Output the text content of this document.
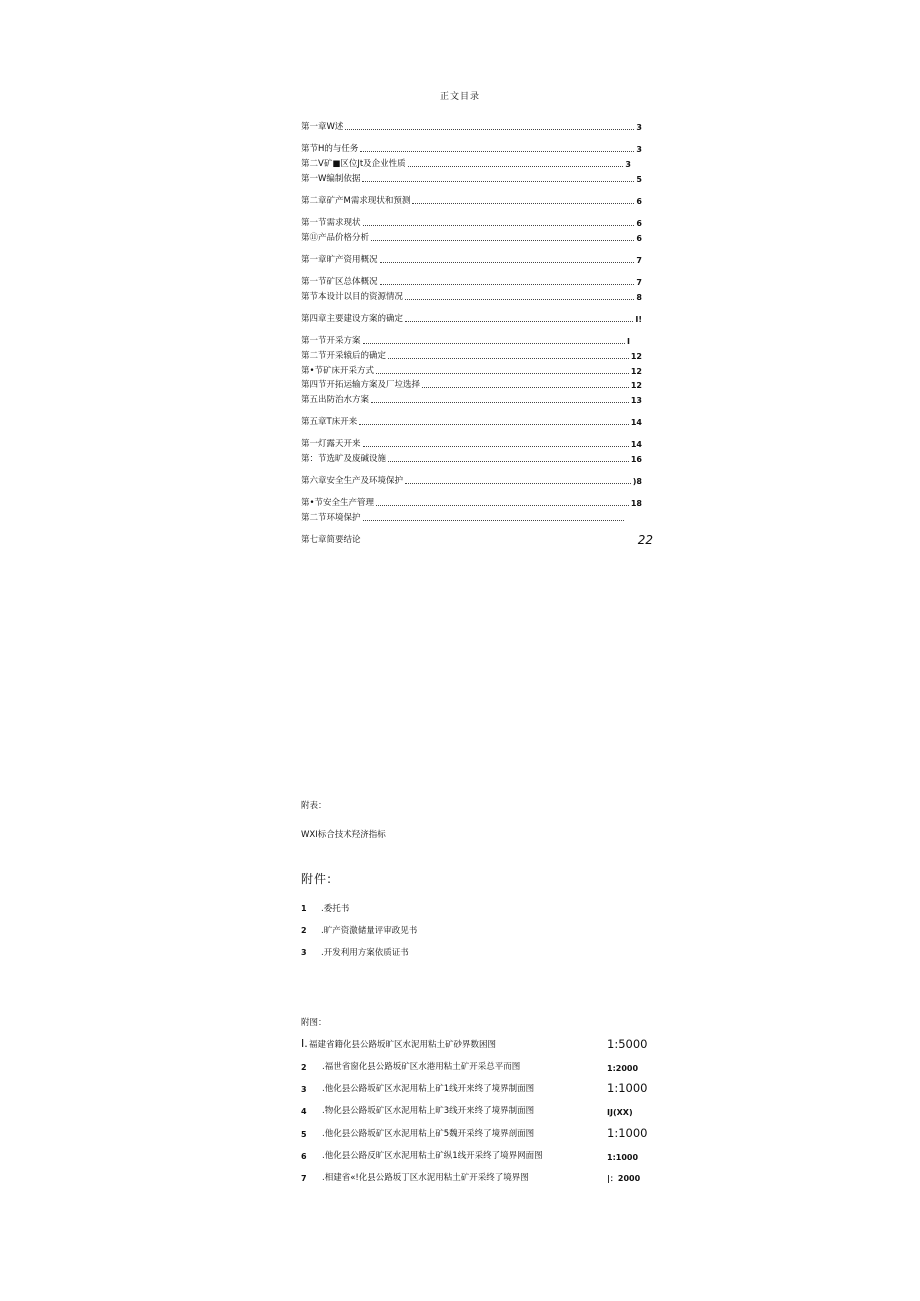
正文目录
第一章W述	3
第节H的与任务	3
第二V矿■区位Jt及企业性质	3
第一W编制依据	5
第二章矿产M需求现状和预测	6
第一节需求现状	6
第⑪产品价格分析	6
第一章旷产资用概况	7
第一节矿区总体概况	7
第节本设计以目的资源情况	8
第四章主要建设方案的确定	I!
第一节开采方案	I
第二节开采辕后的确定	12
第•节矿床开采方式	12
第四节开拓运输方案及厂垃选择	12
第五出防治水方案	13
第五章T床开来	14
第一灯露天开来	14
第：节选旷及废碱设施	16
第六章安全生产及环境保护	)8
第•节安全生产管理	18
第二节环境保护
第七章简要结论	22
附表：
WXI标合技术羟济指标
附件:
1 .委托书
2 .旷产资激储量评审政见书
3 .开发利用方案依质证书
附图：
I. 福建省籍化县公路坂旷区水泥用粘土矿砂界数困图	1:5000
2 .福世省窗化县公路坂矿区水港用粘土矿开采总平而图	1:2000
3 .他化县公路坂矿区水泥用粘上矿1线开来终了境界制面图	1:1000
4 .物化县公路坂矿区水泥用粘上旷3线开来终了境界制面图	IJ(XX)
5 .他化县公路坂矿区水泥用粘上矿5魏开采终了境界剖面图	1:1000
6 .他化县公路反旷区水泥用粘土矿纵1线开采终了境界网面图	1:1000
7 .相建省«!化县公路坂丁区水泥用粘土矿开采终了境界图	|：2000
